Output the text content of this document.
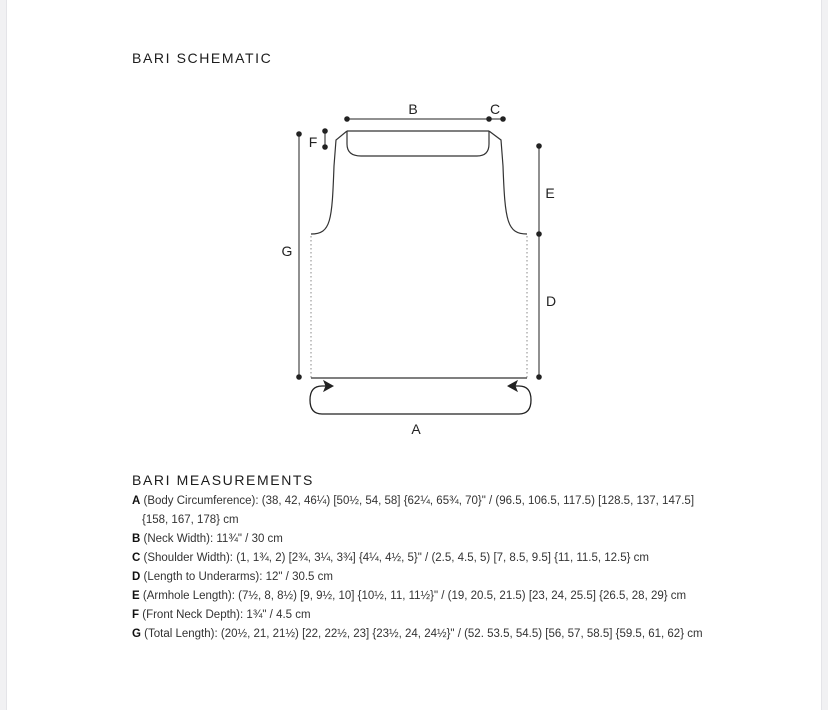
BARI SCHEMATIC
B	C
F
G
E
D
A
BARI MEASUREMENTS
A (Body Circumference): (38, 42, 46¼) [50½, 54, 58] {62¼, 65¾, 70}" / (96.5, 106.5, 117.5) [128.5, 137, 147.5]
{158, 167, 178} cm
B (Neck Width): 11¾" / 30 cm
C (Shoulder Width): (1, 1¾, 2) [2¾, 3¼, 3¾] {4¼, 4½, 5}" / (2.5, 4.5, 5) [7, 8.5, 9.5] {11, 11.5, 12.5} cm
D (Length to Underarms): 12" / 30.5 cm
E (Armhole Length): (7½, 8, 8½) [9, 9½, 10] {10½, 11, 11½}" / (19, 20.5, 21.5) [23, 24, 25.5] {26.5, 28, 29} cm
F (Front Neck Depth): 1¾" / 4.5 cm
G (Total Length): (20½, 21, 21½) [22, 22½, 23] {23½, 24, 24½}" / (52. 53.5, 54.5) [56, 57, 58.5] {59.5, 61, 62} cm
